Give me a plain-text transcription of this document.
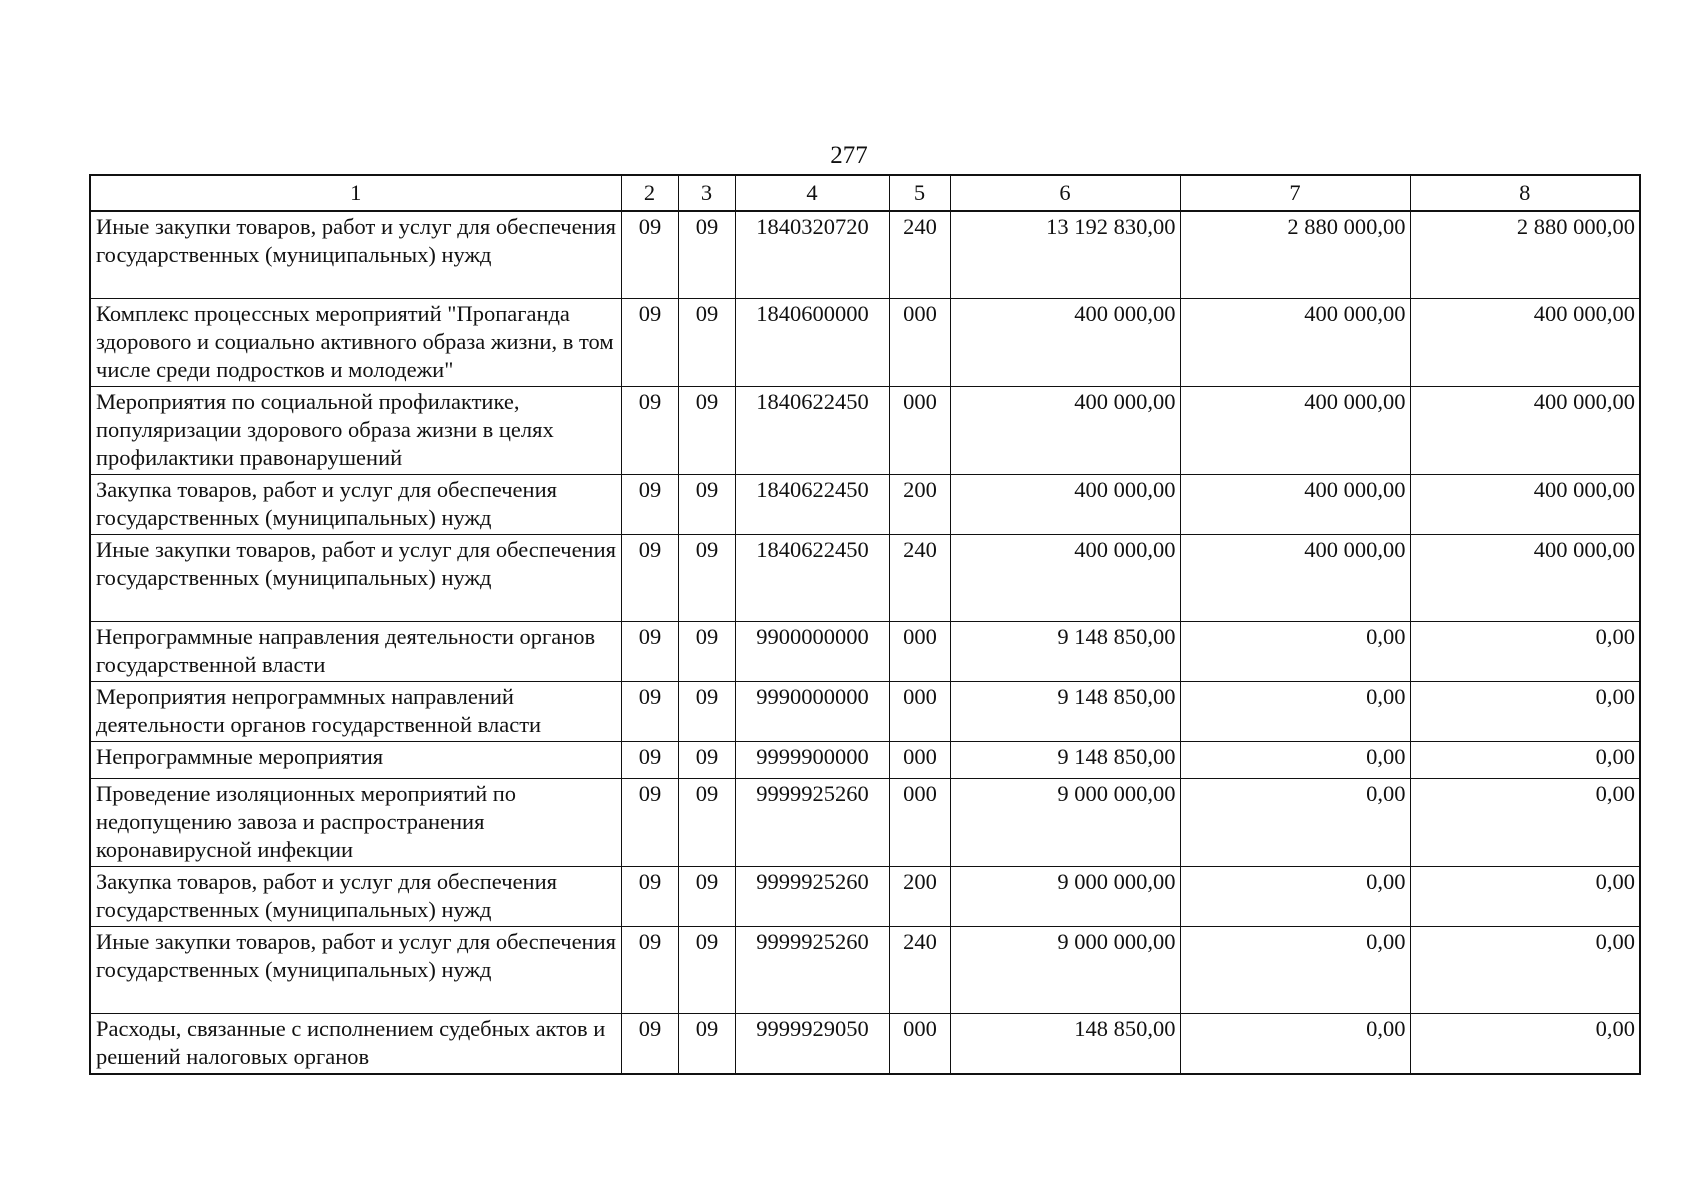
277
1	2	3	4	5	6	7	8
Иные закупки товаров, работ и услуг для обеспечения государственных (муниципальных) нужд	09	09	1840320720	240	13 192 830,00	2 880 000,00	2 880 000,00
Комплекс процессных мероприятий "Пропаганда здорового и социально активного образа жизни, в том числе среди подростков и молодежи"	09	09	1840600000	000	400 000,00	400 000,00	400 000,00
Мероприятия по социальной профилактике, популяризации здорового образа жизни в целях профилактики правонарушений	09	09	1840622450	000	400 000,00	400 000,00	400 000,00
Закупка товаров, работ и услуг для обеспечения государственных (муниципальных) нужд	09	09	1840622450	200	400 000,00	400 000,00	400 000,00
Иные закупки товаров, работ и услуг для обеспечения государственных (муниципальных) нужд	09	09	1840622450	240	400 000,00	400 000,00	400 000,00
Непрограммные направления деятельности органов государственной власти	09	09	9900000000	000	9 148 850,00	0,00	0,00
Мероприятия непрограммных направлений деятельности органов государственной власти	09	09	9990000000	000	9 148 850,00	0,00	0,00
Непрограммные мероприятия	09	09	9999900000	000	9 148 850,00	0,00	0,00
Проведение изоляционных мероприятий по недопущению завоза и распространения коронавирусной инфекции	09	09	9999925260	000	9 000 000,00	0,00	0,00
Закупка товаров, работ и услуг для обеспечения государственных (муниципальных) нужд	09	09	9999925260	200	9 000 000,00	0,00	0,00
Иные закупки товаров, работ и услуг для обеспечения государственных (муниципальных) нужд	09	09	9999925260	240	9 000 000,00	0,00	0,00
Расходы, связанные с исполнением судебных актов и решений налоговых органов	09	09	9999929050	000	148 850,00	0,00	0,00
